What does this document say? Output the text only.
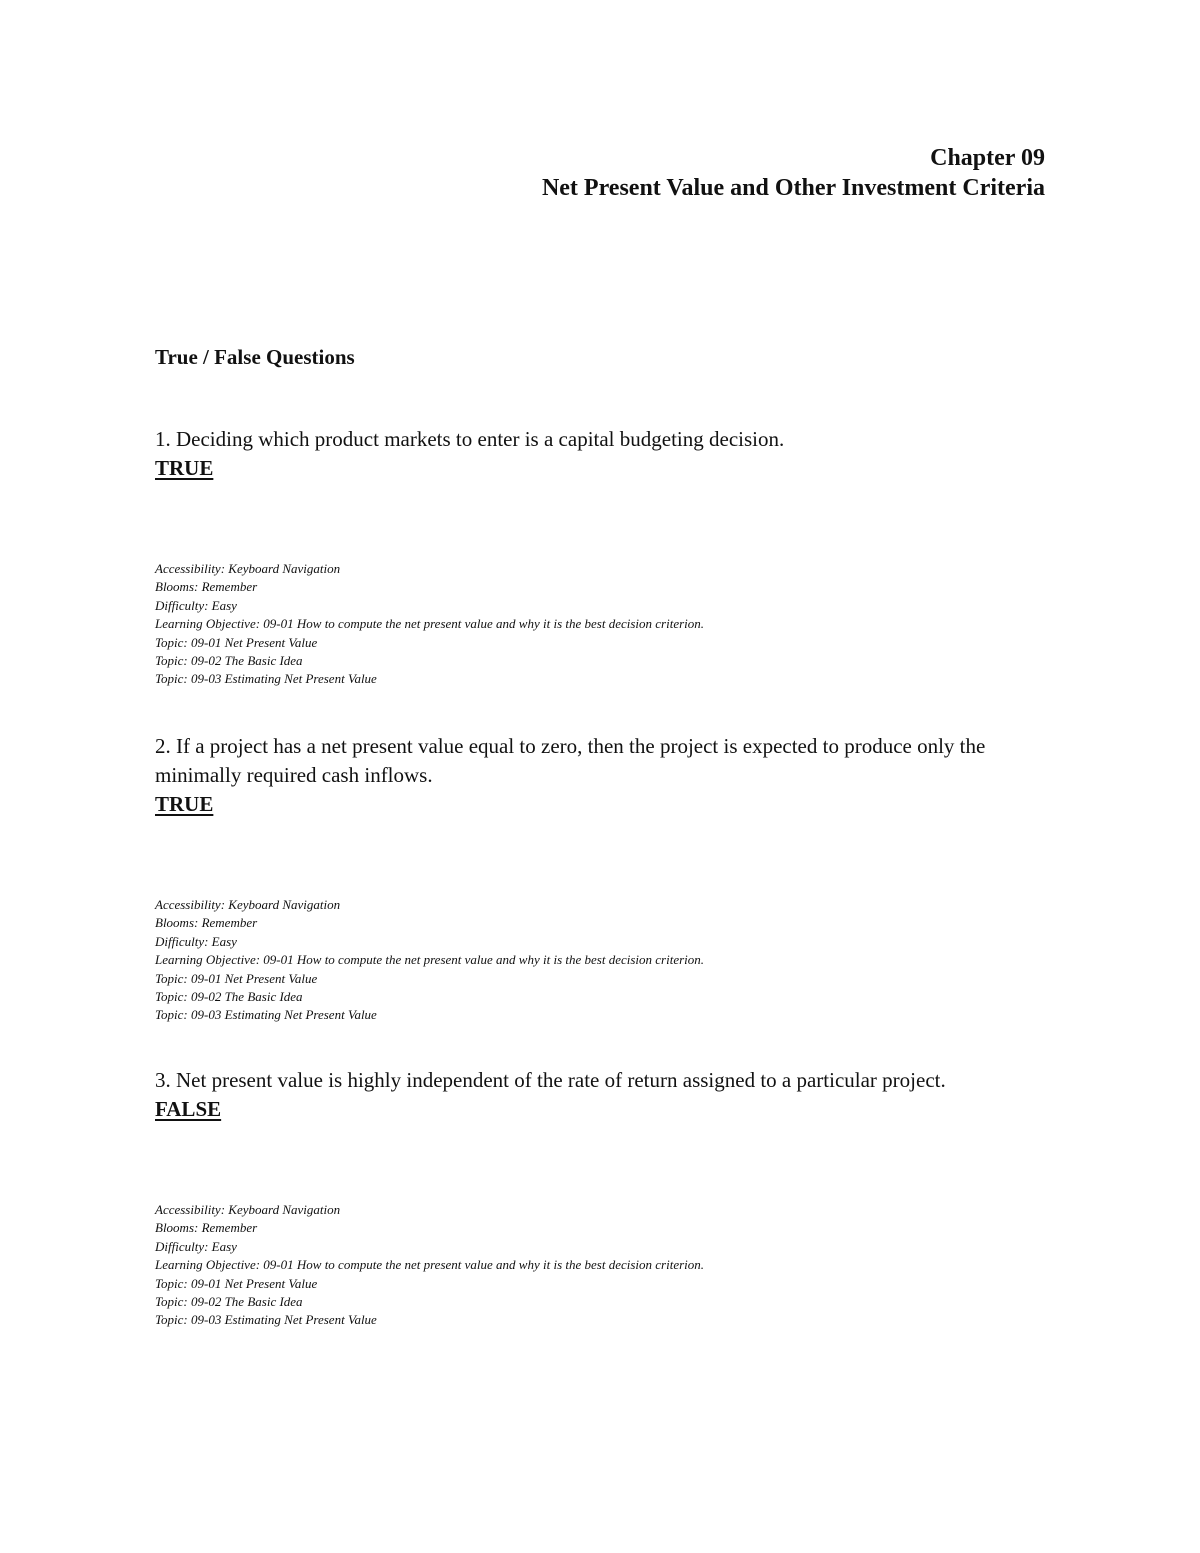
Chapter 09
Net Present Value and Other Investment Criteria
True / False Questions
1. Deciding which product markets to enter is a capital budgeting decision.
TRUE
Accessibility: Keyboard Navigation
Blooms: Remember
Difficulty: Easy
Learning Objective: 09-01 How to compute the net present value and why it is the best decision criterion.
Topic: 09-01 Net Present Value
Topic: 09-02 The Basic Idea
Topic: 09-03 Estimating Net Present Value
2. If a project has a net present value equal to zero, then the project is expected to produce only the minimally required cash inflows.
TRUE
Accessibility: Keyboard Navigation
Blooms: Remember
Difficulty: Easy
Learning Objective: 09-01 How to compute the net present value and why it is the best decision criterion.
Topic: 09-01 Net Present Value
Topic: 09-02 The Basic Idea
Topic: 09-03 Estimating Net Present Value
3. Net present value is highly independent of the rate of return assigned to a particular project.
FALSE
Accessibility: Keyboard Navigation
Blooms: Remember
Difficulty: Easy
Learning Objective: 09-01 How to compute the net present value and why it is the best decision criterion.
Topic: 09-01 Net Present Value
Topic: 09-02 The Basic Idea
Topic: 09-03 Estimating Net Present Value
